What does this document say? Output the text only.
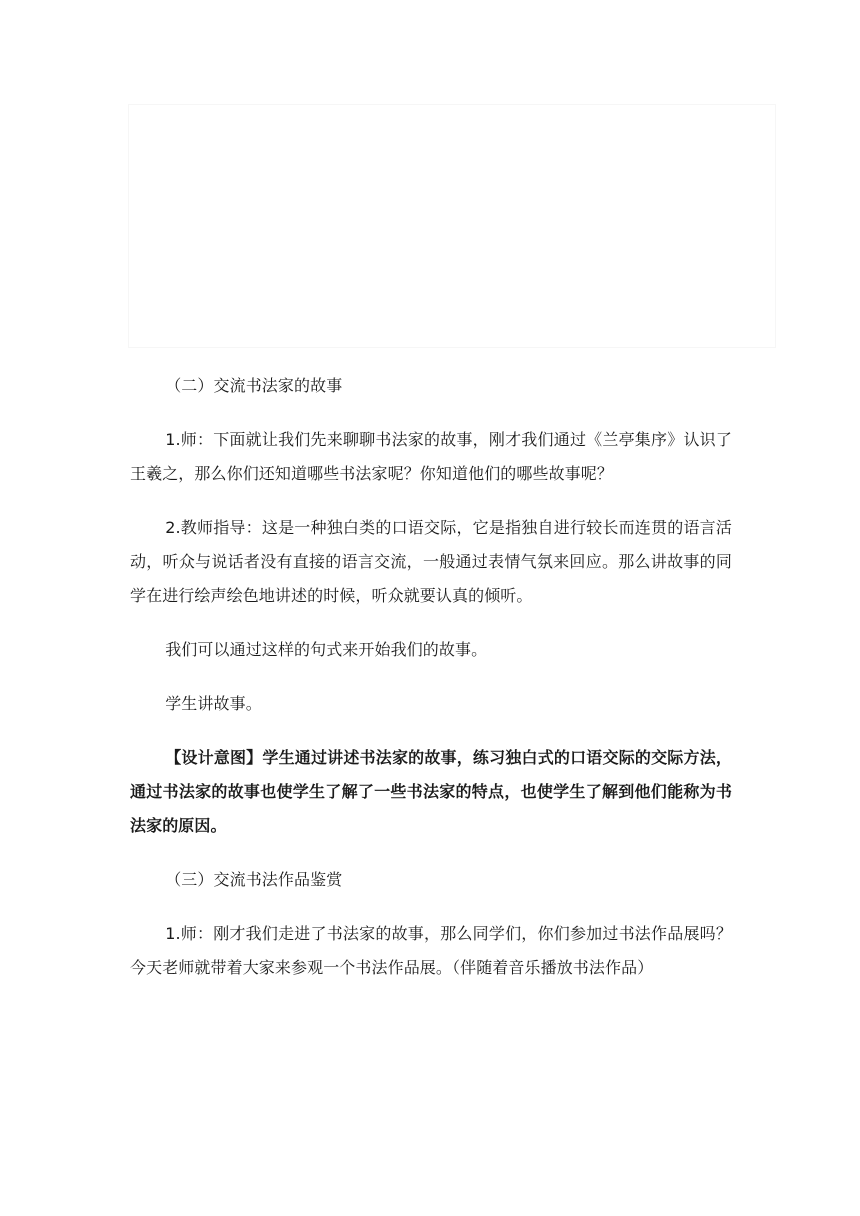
（二）交流书法家的故事

1.师：下面就让我们先来聊聊书法家的故事，刚才我们通过《兰亭集序》认识了王羲之，那么你们还知道哪些书法家呢？你知道他们的哪些故事呢？

2.教师指导：这是一种独白类的口语交际，它是指独自进行较长而连贯的语言活动，听众与说话者没有直接的语言交流，一般通过表情气氛来回应。那么讲故事的同学在进行绘声绘色地讲述的时候，听众就要认真的倾听。

我们可以通过这样的句式来开始我们的故事。

学生讲故事。

【设计意图】学生通过讲述书法家的故事，练习独白式的口语交际的交际方法，通过书法家的故事也使学生了解了一些书法家的特点，也使学生了解到他们能称为书法家的原因。

（三）交流书法作品鉴赏

1.师：刚才我们走进了书法家的故事，那么同学们，你们参加过书法作品展吗？今天老师就带着大家来参观一个书法作品展。（伴随着音乐播放书法作品）
